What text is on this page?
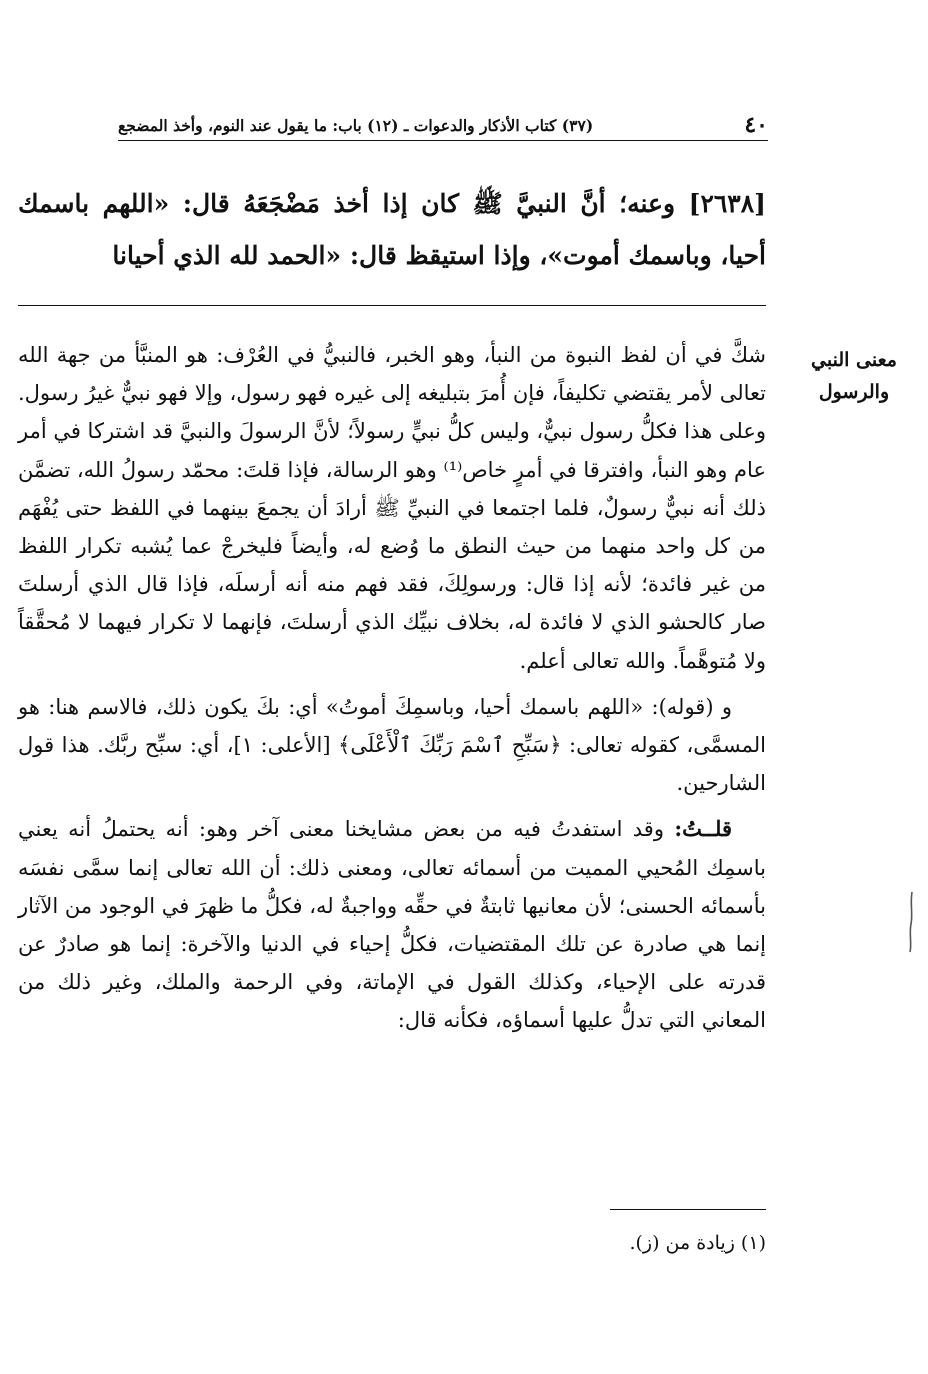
٤٠
(٣٧) كتاب الأذكار والدعوات ـ (١٢) باب: ما يقول عند النوم، وأخذ المضجع
[٢٦٣٨] وعنه؛ أنَّ النبيَّ ﷺ كان إذا أخذ مَضْجَعَهُ قال: «اللهم باسمك أحيا، وباسمك أموت»، وإذا استيقظ قال: «الحمد لله الذي أحيانا
معنى النبي والرسول

شكَّ في أن لفظ النبوة من النبأ، وهو الخبر، فالنبيُّ في العُرْف: هو المنبَّأ من جهة الله تعالى لأمر يقتضي تكليفاً، فإن أُمرَ بتبليغه إلى غيره فهو رسول، وإلا فهو نبيٌّ غيرُ رسول. وعلى هذا فكلُّ رسول نبيٌّ، وليس كلُّ نبيٍّ رسولاً؛ لأنَّ الرسولَ والنبيَّ قد اشتركا في أمر عام وهو النبأ، وافترقا في أمرٍ خاص⁽¹⁾ وهو الرسالة، فإذا قلتَ: محمّد رسولُ الله، تضمَّن ذلك أنه نبيٌّ رسولٌ، فلما اجتمعا في النبيِّ ﷺ أرادَ أن يجمعَ بينهما في اللفظ حتى يُفْهَم من كل واحد منهما من حيث النطق ما وُضع له، وأيضاً فليخرجْ عما يُشبه تكرار اللفظ من غير فائدة؛ لأنه إذا قال: ورسولِكَ، فقد فهم منه أنه أرسلَه، فإذا قال الذي أرسلتَ صار كالحشو الذي لا فائدة له، بخلاف نبيِّك الذي أرسلتَ، فإنهما لا تكرار فيهما لا مُحقَّقاً ولا مُتوهَّماً. والله تعالى أعلم.

و (قوله): «اللهم باسمك أحيا، وباسمِكَ أموتُ» أي: بكَ يكون ذلك، فالاسم هنا: هو المسمَّى، كقوله تعالى: ﴿سَبِّحِ ٱسْمَ رَبِّكَ ٱلْأَعْلَى﴾ [الأعلى: ١]، أي: سبِّح ربَّك. هذا قول الشارحين.

قلــتُ: وقد استفدتُ فيه من بعض مشايخنا معنى آخر وهو: أنه يحتملُ أنه يعني باسمِك المُحيي المميت من أسمائه تعالى، ومعنى ذلك: أن الله تعالى إنما سمَّى نفسَه بأسمائه الحسنى؛ لأن معانيها ثابتةٌ في حقِّه وواجبةٌ له، فكلُّ ما ظهرَ في الوجود من الآثار إنما هي صادرة عن تلك المقتضيات، فكلُّ إحياء في الدنيا والآخرة: إنما هو صادرٌ عن قدرته على الإحياء، وكذلك القول في الإماتة، وفي الرحمة والملك، وغير ذلك من المعاني التي تدلُّ عليها أسماؤه، فكأنه قال:

(١) زيادة من (ز).
